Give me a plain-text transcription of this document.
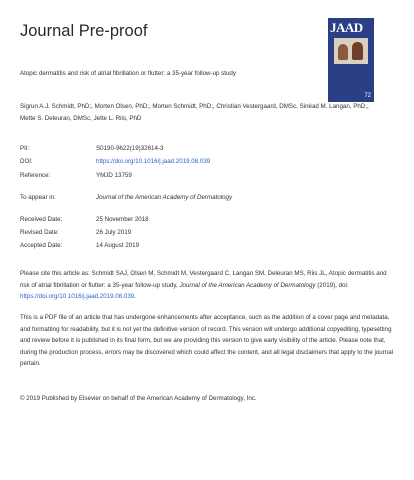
Journal Pre-proof	JAAD
72
Atopic dermatitis and risk of atrial fibrillation or flutter: a 35-year follow-up study
Sigrun A.J. Schmidt, PhD;, Morten Olsen, PhD;, Morten Schmidt, PhD;, Christian Vestergaard, DMSc, Sinéad M. Langan, PhD;, Mette S. Deleuran, DMSc, Jette L. Riis, PhD
PII:	S0190-9622(19)32614-3
DOI:	https://doi.org/10.1016/j.jaad.2019.08.039
Reference:	YMJD 13759
To appear in:	Journal of the American Academy of Dermatology
Received Date:	25 November 2018
Revised Date:	26 July 2019
Accepted Date:	14 August 2019
Please cite this article as: Schmidt SAJ, Olsen M, Schmidt M, Vestergaard C, Langan SM, Deleuran MS, Riis JL, Atopic dermatitis and risk of atrial fibrillation or flutter: a 35-year follow-up study, Journal of the American Academy of Dermatology (2019), doi: https://doi.org/10.1016/j.jaad.2019.08.039.
This is a PDF file of an article that has undergone enhancements after acceptance, such as the addition of a cover page and metadata, and formatting for readability, but it is not yet the definitive version of record. This version will undergo additional copyediting, typesetting and review before it is published in its final form, but we are providing this version to give early visibility of the article. Please note that, during the production process, errors may be discovered which could affect the content, and all legal disclaimers that apply to the journal pertain.
© 2019 Published by Elsevier on behalf of the American Academy of Dermatology, Inc.
